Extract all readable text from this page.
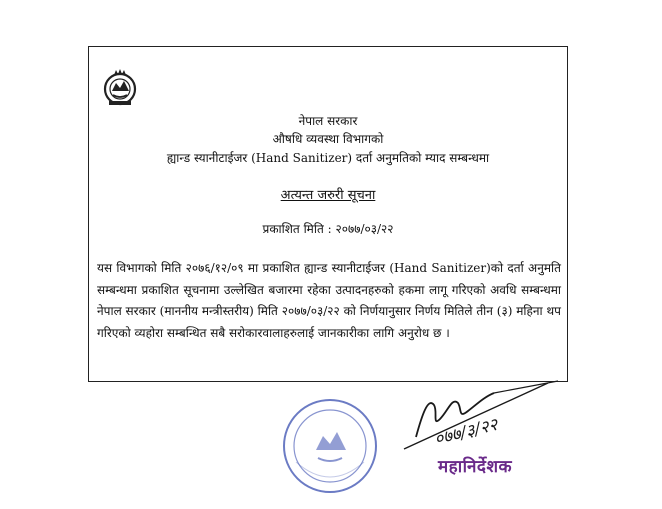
नेपाल सरकार
औषधि व्यवस्था विभागको
ह्यान्ड स्यानीटाईजर (Hand Sanitizer) दर्ता अनुमतिको म्याद सम्बन्धमा
अत्यन्त जरुरी सूचना
प्रकाशित मिति : २०७७/०३/२२
यस विभागको मिति २०७६/१२/०९ मा प्रकाशित ह्यान्ड स्यानीटाईजर (Hand Sanitizer)को दर्ता अनुमति सम्बन्धमा प्रकाशित सूचनामा उल्लेखित बजारमा रहेका उत्पादनहरुको हकमा लागू गरिएको अवधि सम्बन्धमा नेपाल सरकार (माननीय मन्त्रीस्तरीय) मिति २०७७/०३/२२ को निर्णयानुसार निर्णय मितिले तीन (३) महिना थप गरिएको व्यहोरा सम्बन्धित सबै सरोकारवालाहरुलाई जानकारीका लागि अनुरोध छ ।
०७७/३/२२
महानिर्देशक
